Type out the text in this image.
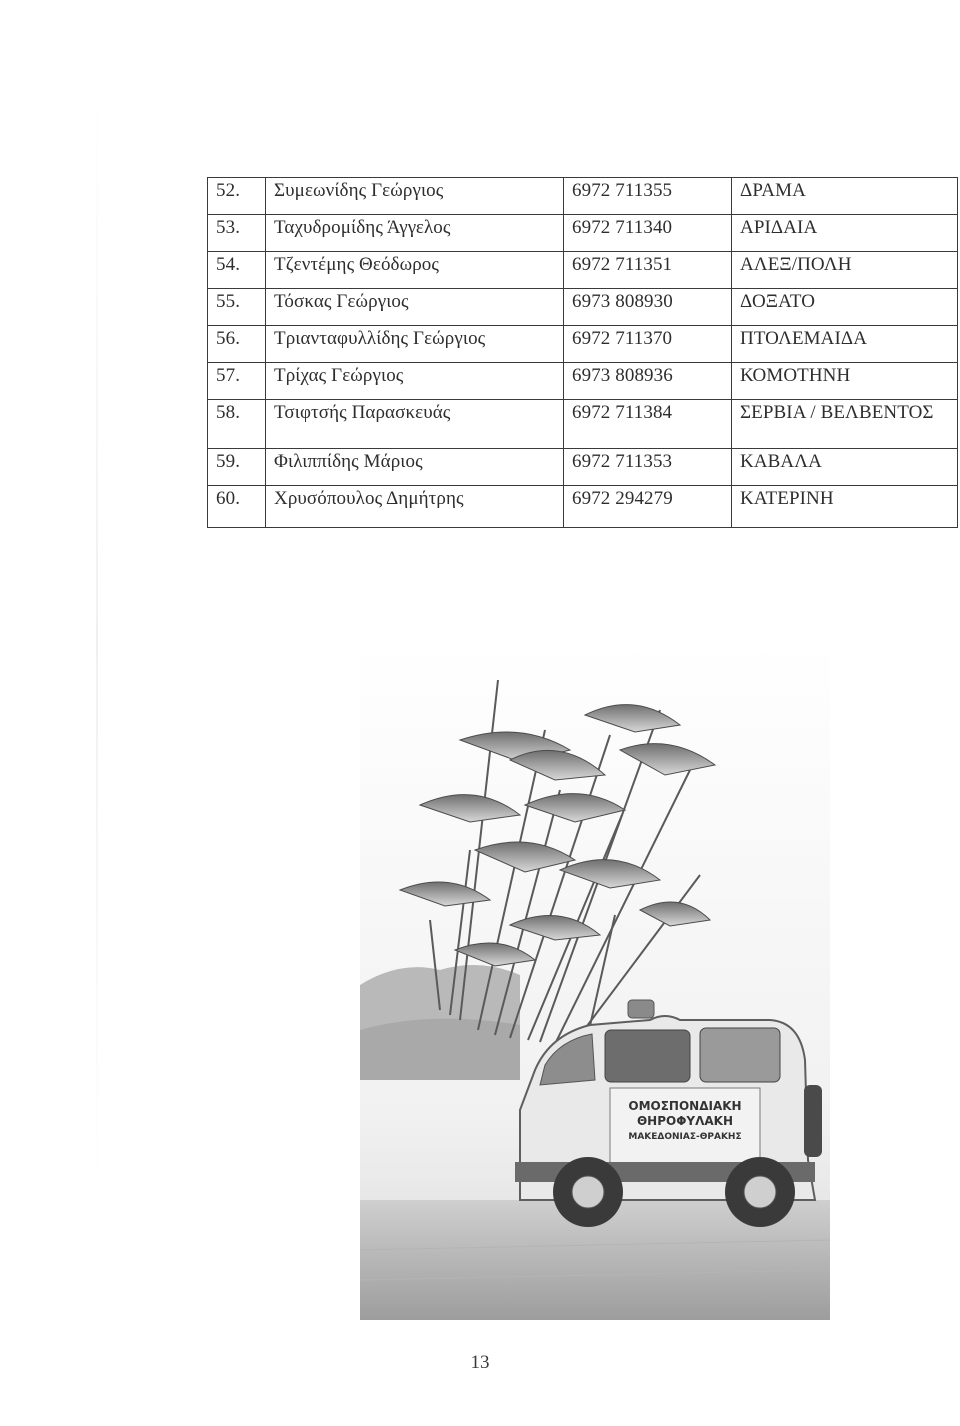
52.	Συμεωνίδης Γεώργιος	6972 711355	ΔΡΑΜΑ
53.	Ταχυδρομίδης Άγγελος	6972 711340	ΑΡΙΔΑΙΑ
54.	Τζεντέμης Θεόδωρος	6972 711351	ΑΛΕΞ/ΠΟΛΗ
55.	Τόσκας Γεώργιος	6973 808930	ΔΟΞΑΤΟ
56.	Τριανταφυλλίδης Γεώργιος	6972 711370	ΠΤΟΛΕΜΑΙΔΑ
57.	Τρίχας Γεώργιος	6973 808936	ΚΟΜΟΤΗΝΗ
58.	Τσιφτσής Παρασκευάς	6972 711384	ΣΕΡΒΙΑ / ΒΕΛΒΕΝΤΟΣ
59.	Φιλιππίδης Μάριος	6972 711353	ΚΑΒΑΛΑ
60.	Χρυσόπουλος Δημήτρης	6972 294279	ΚΑΤΕΡΙΝΗ
ΟΜΟΣΠΟΝΔΙΑΚΗ
ΘΗΡΟΦΥΛΑΚΗ
ΜΑΚΕΔΟΝΙΑΣ-ΘΡΑΚΗΣ
13
